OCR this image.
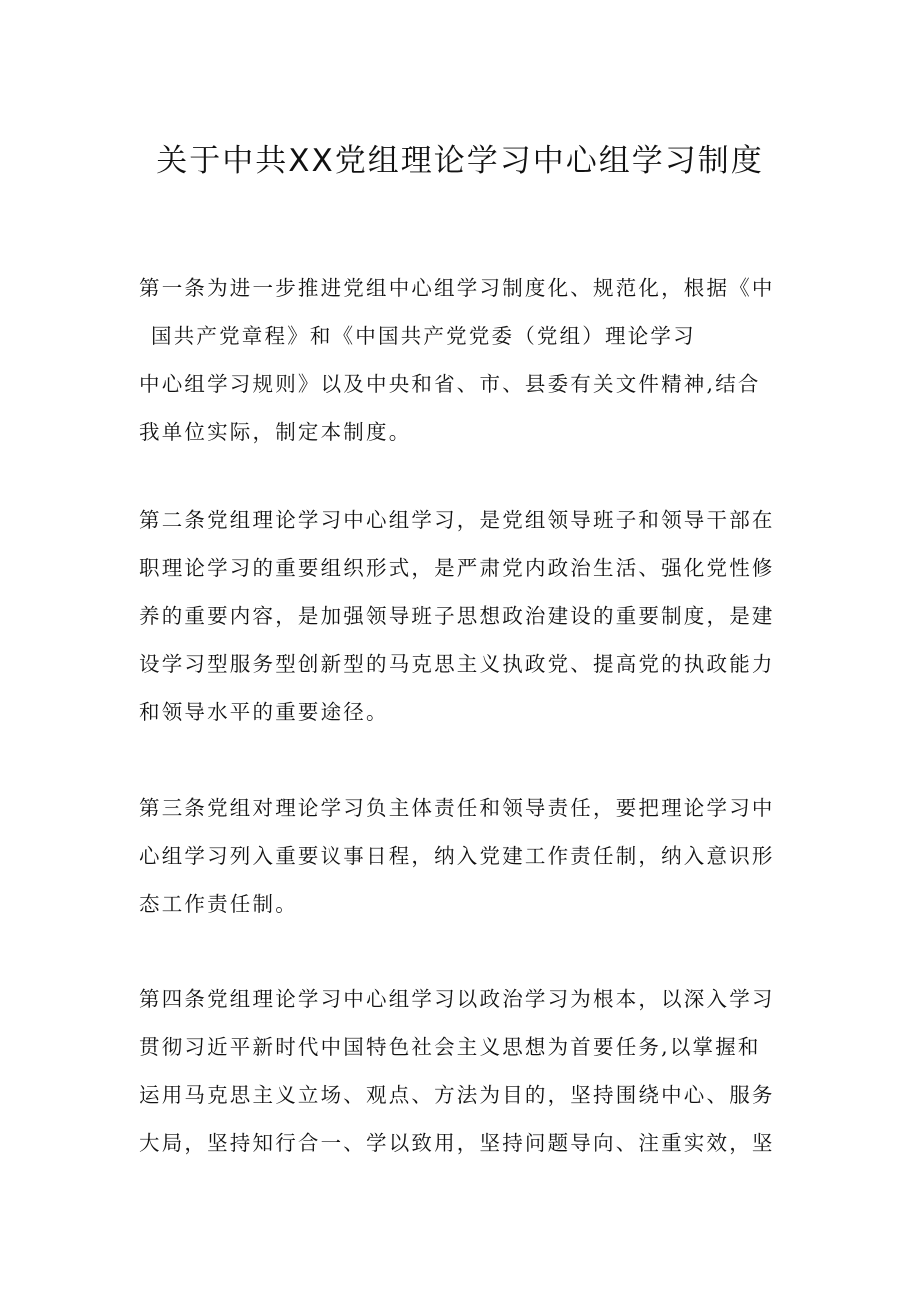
关于中共XX党组理论学习中心组学习制度
第一条为进一步推进党组中心组学习制度化、规范化，根据《中
国共产党章程》和《中国共产党党委（党组）理论学习
中心组学习规则》以及中央和省、市、县委有关文件精神,结合
我单位实际，制定本制度。
第二条党组理论学习中心组学习，是党组领导班子和领导干部在
职理论学习的重要组织形式，是严肃党内政治生活、强化党性修
养的重要内容，是加强领导班子思想政治建设的重要制度，是建
设学习型服务型创新型的马克思主义执政党、提高党的执政能力
和领导水平的重要途径。
第三条党组对理论学习负主体责任和领导责任，要把理论学习中
心组学习列入重要议事日程，纳入党建工作责任制，纳入意识形
态工作责任制。
第四条党组理论学习中心组学习以政治学习为根本，以深入学习
贯彻习近平新时代中国特色社会主义思想为首要任务,以掌握和
运用马克思主义立场、观点、方法为目的，坚持围绕中心、服务
大局，坚持知行合一、学以致用，坚持问题导向、注重实效，坚
